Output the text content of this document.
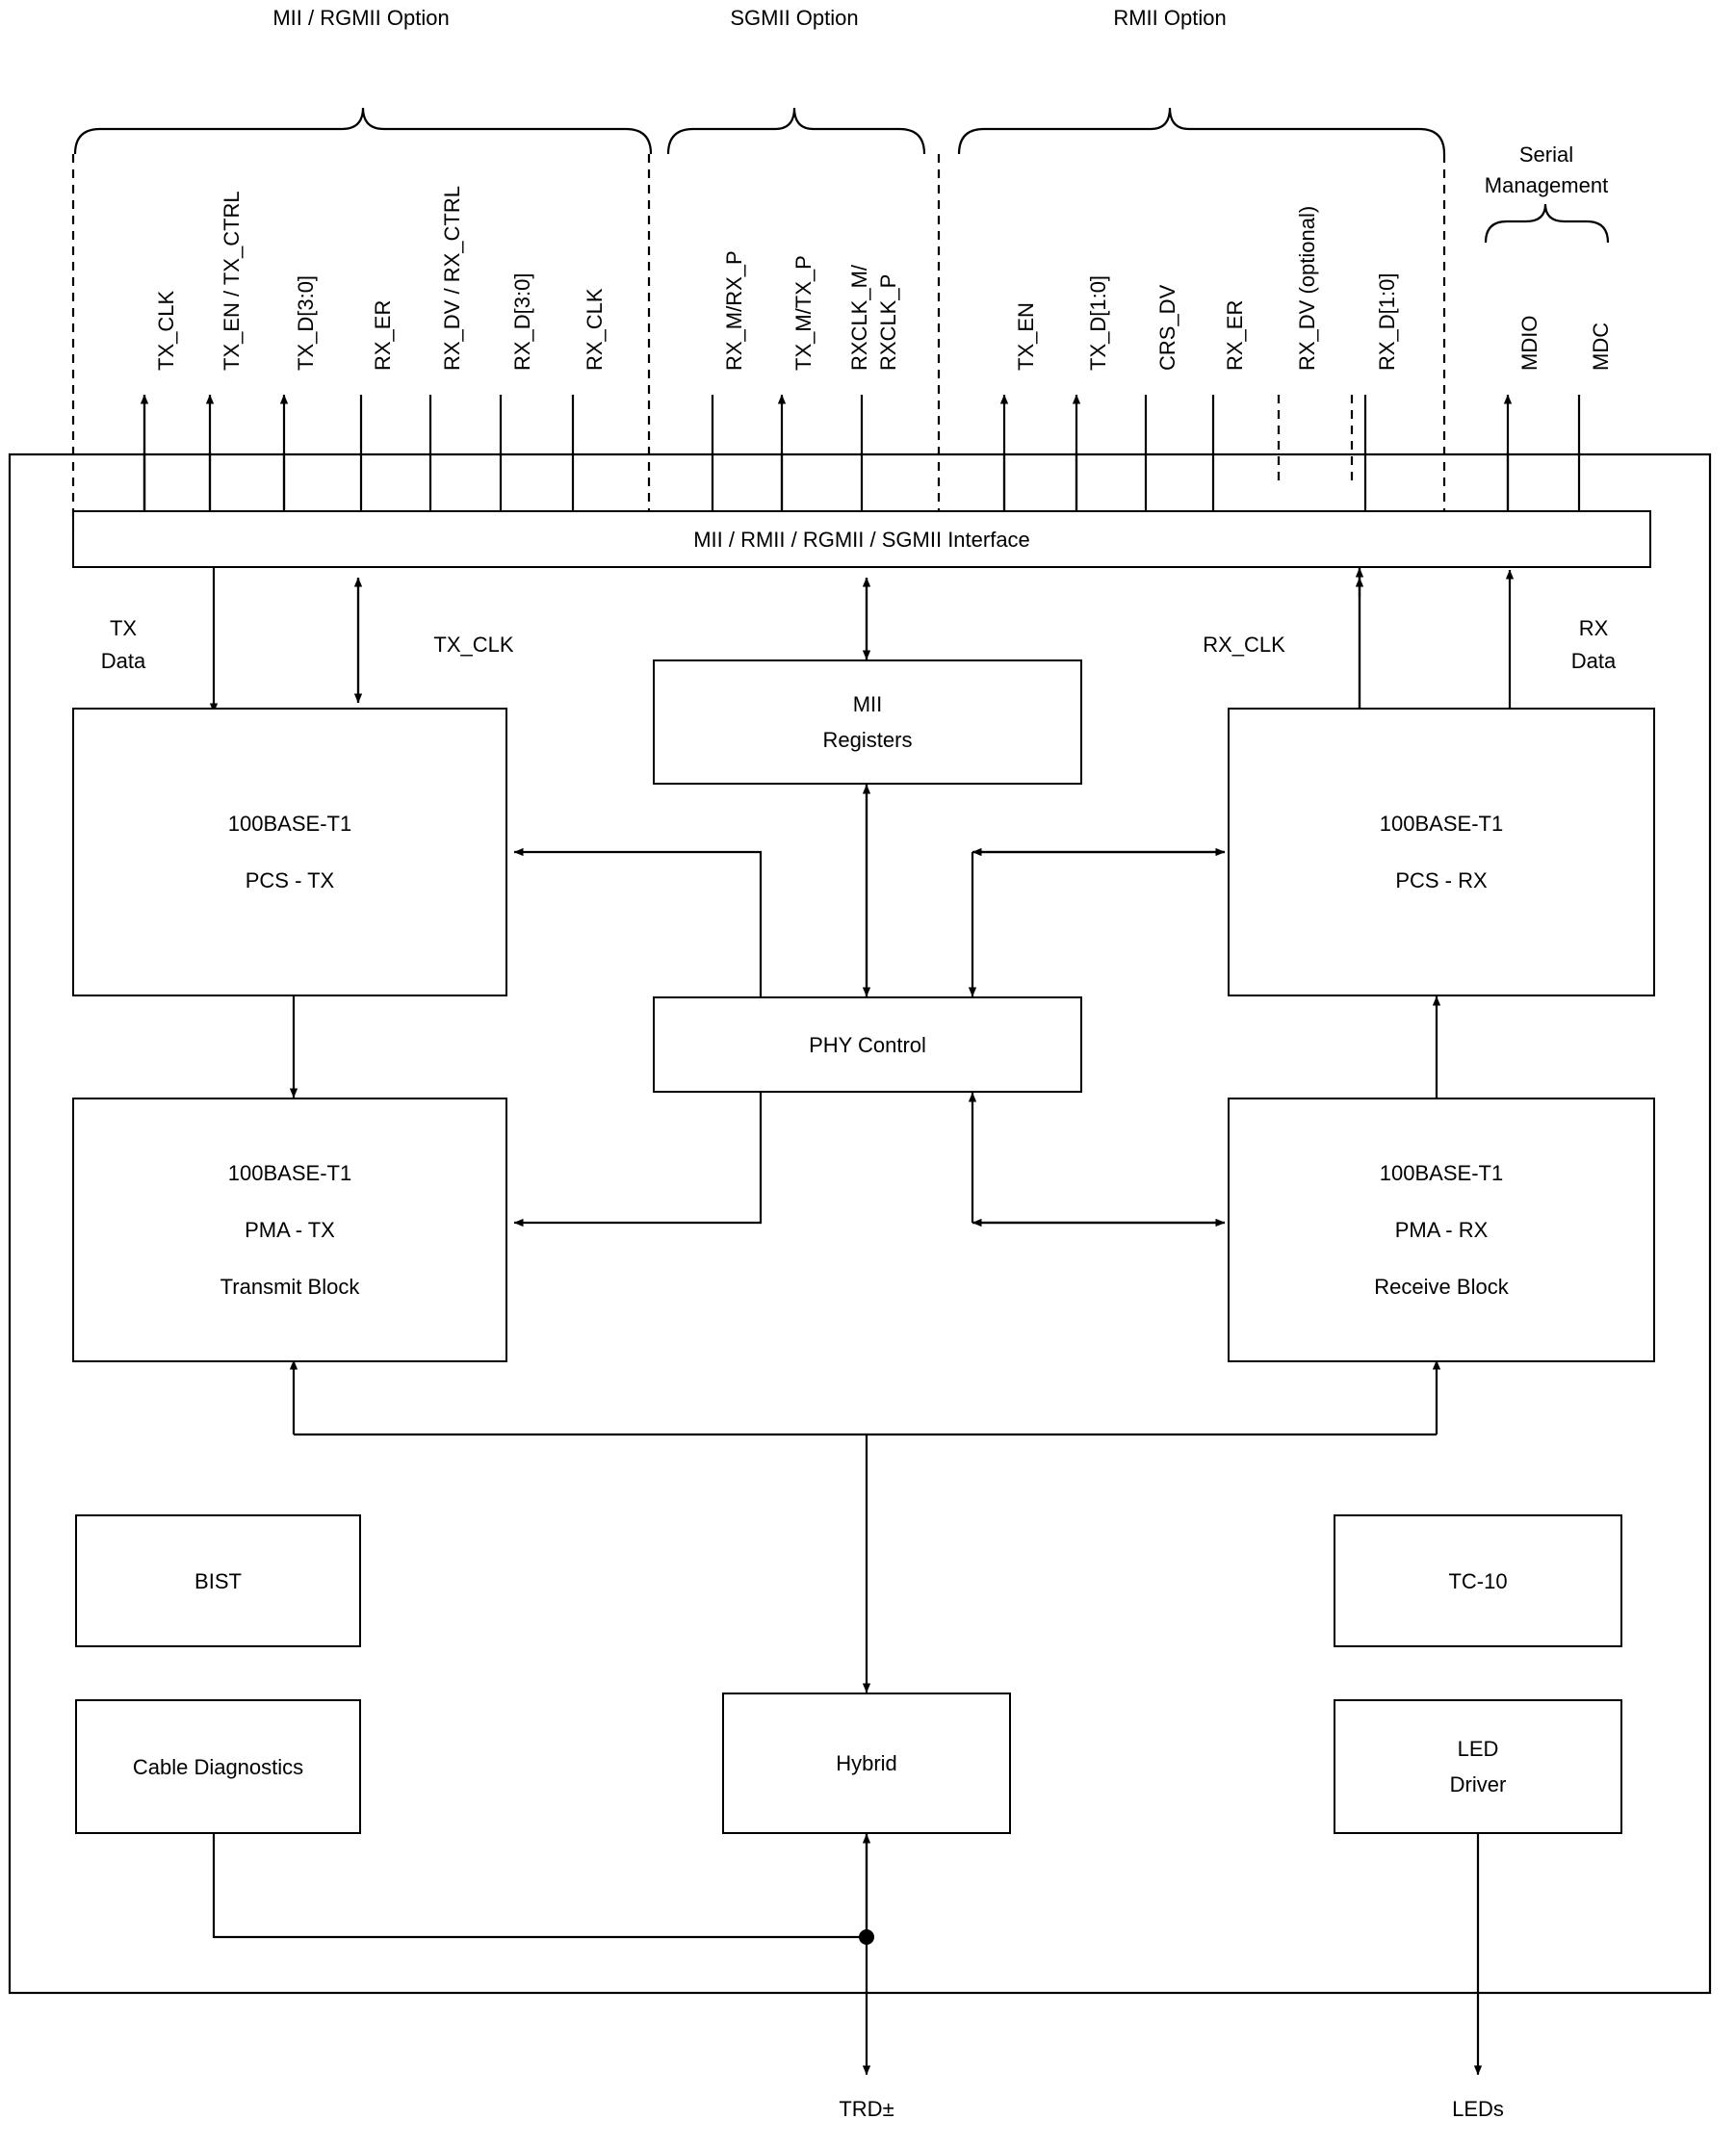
MII / RGMII Option	SGMII Option	RMII Option
Serial
Management
TX_CLK TX_EN / TX_CTRL TX_D[3:0]	RX_ER RX_DV / RX_CTRL RX_D[3:0] RX_CLK	RX_M/RX_P TX_M/TX_P RXCLK_M/ RXCLK_P	TX_EN TX_D[1:0] CRS_DV RX_ER RX_DV (optional)	RX_D[1:0]	MDIO MDC
MII / RMII / RGMII / SGMII Interface
TX
Data
TX_CLK	RX_CLK
RX
Data
100BASE-T1
PCS - TX
MII
Registers
100BASE-T1
PCS - RX
PHY Control
100BASE-T1
PMA - TX
Transmit Block
100BASE-T1
PMA - RX
Receive Block
BIST
Cable Diagnostics	Hybrid
TC-10
LED
Driver
TRD±	LEDs
